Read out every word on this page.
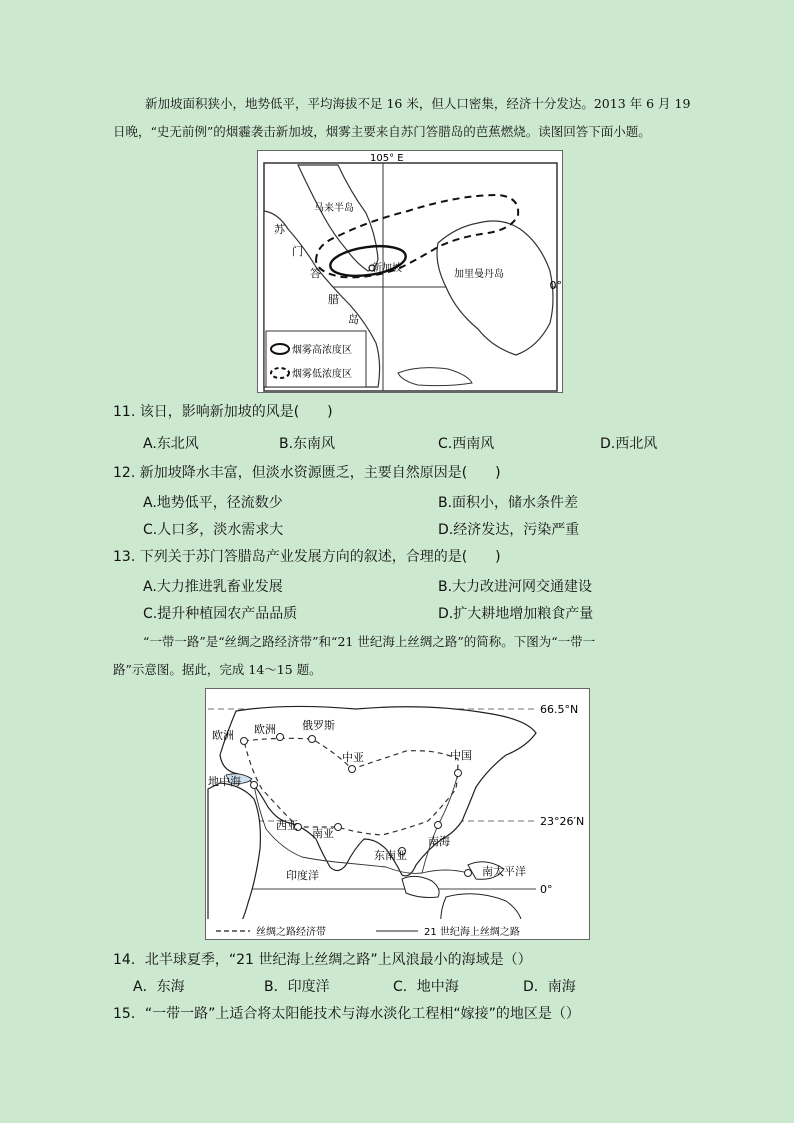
新加坡面积狭小，地势低平，平均海拔不足 16 米，但人口密集，经济十分发达。2013 年 6 月 19
日晚，“史无前例”的烟霾袭击新加坡，烟雾主要来自苏门答腊岛的芭蕉燃烧。读图回答下面小题。
105° E
0°
马来半岛
苏
门
答
腊
岛
新加坡
加里曼丹岛
烟雾高浓度区
烟雾低浓度区
11. 该日，影响新加坡的风是(　　)
A.东北风	B.东南风	C.西南风	D.西北风
12. 新加坡降水丰富，但淡水资源匮乏，主要自然原因是(　　)
A.地势低平，径流数少	B.面积小，储水条件差
C.人口多，淡水需求大	D.经济发达，污染严重
13. 下列关于苏门答腊岛产业发展方向的叙述，合理的是(　　)
A.大力推进乳畜业发展	B.大力改进河网交通建设
C.提升种植园农产品品质	D.扩大耕地增加粮食产量
“一带一路”是“丝绸之路经济带”和“21 世纪海上丝绸之路”的简称。下图为“一带一
路”示意图。据此，完成 14～15 题。
欧洲 欧洲 俄罗斯
中亚	中国
地中海
西亚
南亚
东南亚
南海
印度洋	南太平洋
66.5°N
23°26′N
0°
丝绸之路经济带	21 世纪海上丝绸之路
14．北半球夏季，“21 世纪海上丝绸之路”上风浪最小的海域是（）
A．东海	B．印度洋	C．地中海	D．南海
15．“一带一路”上适合将太阳能技术与海水淡化工程相“嫁接”的地区是（）
